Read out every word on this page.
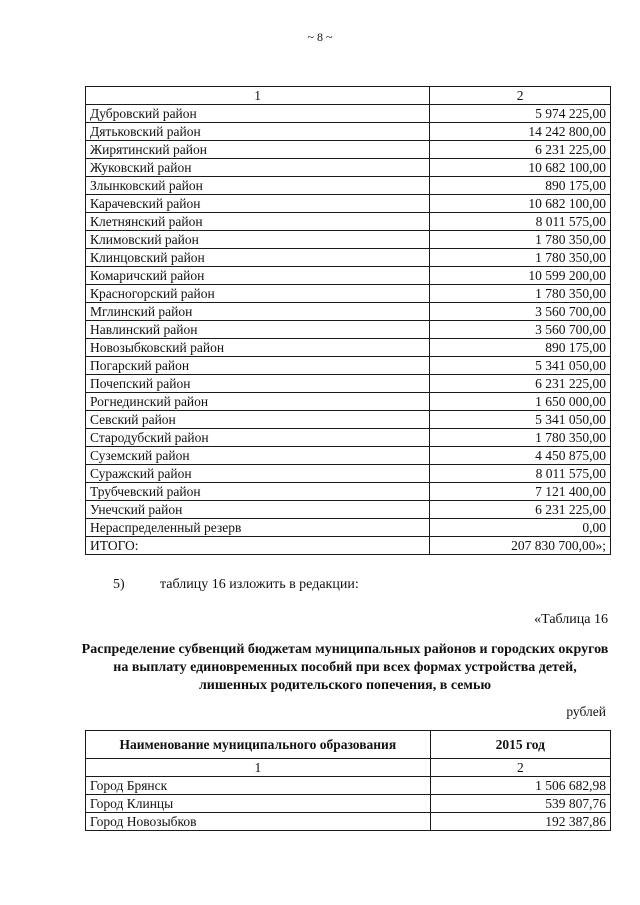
~ 8 ~
1	2
Дубровский район	5 974 225,00
Дятьковский район	14 242 800,00
Жирятинский район	6 231 225,00
Жуковский район	10 682 100,00
Злынковский район	890 175,00
Карачевский район	10 682 100,00
Клетнянский район	8 011 575,00
Климовский район	1 780 350,00
Клинцовский район	1 780 350,00
Комаричский район	10 599 200,00
Красногорский район	1 780 350,00
Мглинский район	3 560 700,00
Навлинский район	3 560 700,00
Новозыбковский район	890 175,00
Погарский район	5 341 050,00
Почепский район	6 231 225,00
Рогнединский район	1 650 000,00
Севский район	5 341 050,00
Стародубский район	1 780 350,00
Суземский район	4 450 875,00
Суражский район	8 011 575,00
Трубчевский район	7 121 400,00
Унечский район	6 231 225,00
Нераспределенный резерв	0,00
ИТОГО:	207 830 700,00»;
5)	таблицу 16 изложить в редакции:
«Таблица 16
Распределение субвенций бюджетам муниципальных районов и городских округов на выплату единовременных пособий при всех формах устройства детей, лишенных родительского попечения, в семью
рублей
Наименование муниципального образования	2015 год
1	2
Город Брянск	1 506 682,98
Город Клинцы	539 807,76
Город Новозыбков	192 387,86
